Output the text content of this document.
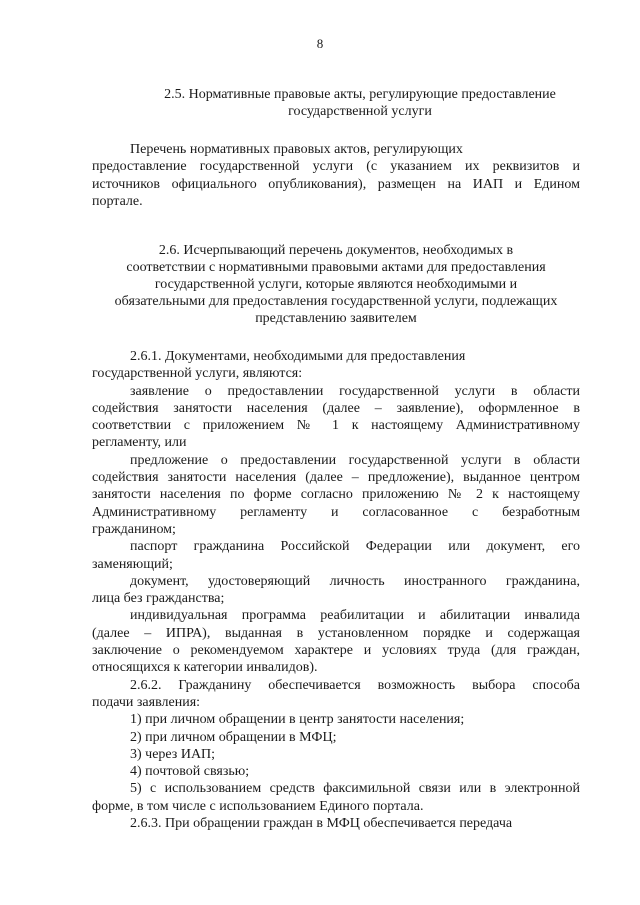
8
2.5. Нормативные правовые акты, регулирующие предоставление
государственной услуги
Перечень нормативных правовых актов, регулирующих
предоставление государственной услуги (с указанием их реквизитов и
источников официального опубликования), размещен на ИАП и Едином
портале.
2.6. Исчерпывающий перечень документов, необходимых в
соответствии с нормативными правовыми актами для предоставления
государственной услуги, которые являются необходимыми и
обязательными для предоставления государственной услуги, подлежащих
представлению заявителем
2.6.1. Документами, необходимыми для предоставления
государственной услуги, являются:
заявление о предоставлении государственной услуги в области
содействия занятости населения (далее – заявление), оформленное в
соответствии с приложением № 1 к настоящему Административному
регламенту, или
предложение о предоставлении государственной услуги в области
содействия занятости населения (далее – предложение), выданное центром
занятости населения по форме согласно приложению № 2 к настоящему
Административному регламенту и согласованное с безработным
гражданином;
паспорт гражданина Российской Федерации или документ, его
заменяющий;
документ, удостоверяющий личность иностранного гражданина,
лица без гражданства;
индивидуальная программа реабилитации и абилитации инвалида
(далее – ИПРА), выданная в установленном порядке и содержащая
заключение о рекомендуемом характере и условиях труда (для граждан,
относящихся к категории инвалидов).
2.6.2. Гражданину обеспечивается возможность выбора способа
подачи заявления:
1) при личном обращении в центр занятости населения;
2) при личном обращении в МФЦ;
3) через ИАП;
4) почтовой связью;
5) с использованием средств факсимильной связи или в электронной
форме, в том числе с использованием Единого портала.
2.6.3. При обращении граждан в МФЦ обеспечивается передача
